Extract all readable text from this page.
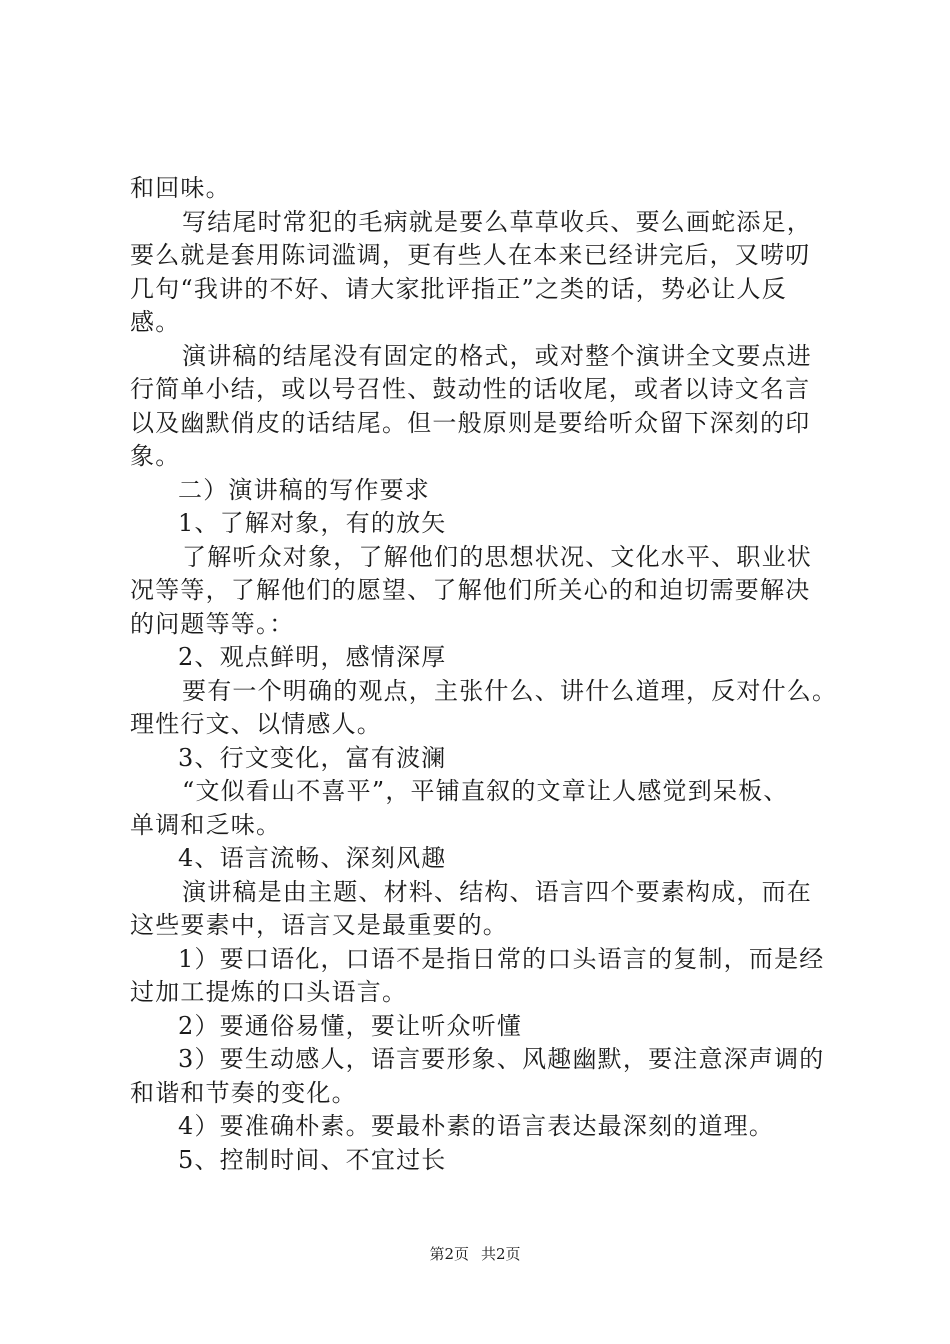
和回味。
写结尾时常犯的毛病就是要么草草收兵、要么画蛇添足，
要么就是套用陈词滥调，更有些人在本来已经讲完后，又唠叨
几句“我讲的不好、请大家批评指正”之类的话，势必让人反
感。
演讲稿的结尾没有固定的格式，或对整个演讲全文要点进
行简单小结，或以号召性、鼓动性的话收尾，或者以诗文名言
以及幽默俏皮的话结尾。但一般原则是要给听众留下深刻的印
象。
二）演讲稿的写作要求
1、了解对象，有的放矢
了解听众对象，了解他们的思想状况、文化水平、职业状
况等等，了解他们的愿望、了解他们所关心的和迫切需要解决
的问题等等。：
2、观点鲜明，感情深厚
要有一个明确的观点，主张什么、讲什么道理，反对什么。
理性行文、以情感人。
3、行文变化，富有波澜
“文似看山不喜平”，平铺直叙的文章让人感觉到呆板、
单调和乏味。
4、语言流畅、深刻风趣
演讲稿是由主题、材料、结构、语言四个要素构成，而在
这些要素中，语言又是最重要的。
1）要口语化，口语不是指日常的口头语言的复制，而是经
过加工提炼的口头语言。
2）要通俗易懂，要让听众听懂
3）要生动感人，语言要形象、风趣幽默，要注意深声调的
和谐和节奏的变化。
4）要准确朴素。要最朴素的语言表达最深刻的道理。
5、控制时间、不宜过长
第2页 共2页
